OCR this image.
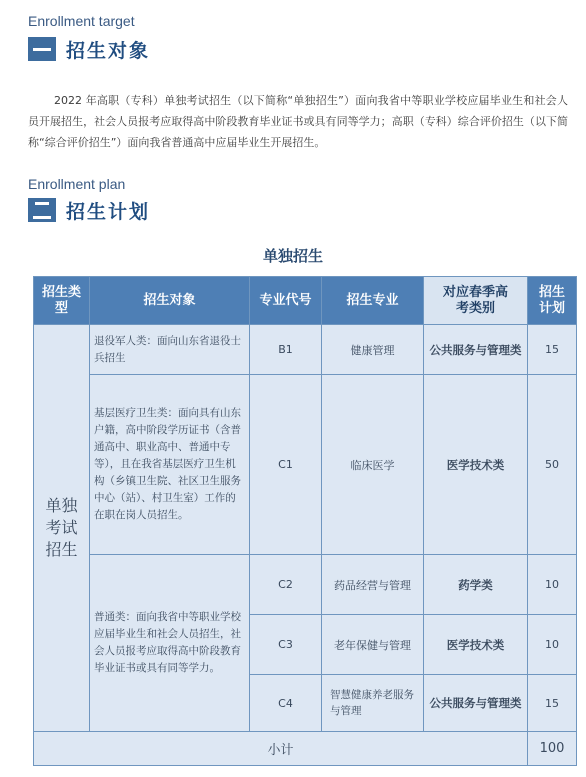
Enrollment target
招生对象
2022 年高职（专科）单独考试招生（以下简称“单独招生”）面向我省中等职业学校应届毕业生和社会人员开展招生，社会人员报考应取得高中阶段教育毕业证书或具有同等学力；高职（专科）综合评价招生（以下简称“综合评价招生”）面向我省普通高中应届毕业生开展招生。
Enrollment plan
招生计划
单独招生
招生类型	招生对象	专业代号	招生专业	对应春季高考类别	招生计划
单独考试招生	退役军人类：面向山东省退役士兵招生	B1	健康管理	公共服务与管理类	15
	基层医疗卫生类：面向具有山东户籍，高中阶段学历证书（含普通高中、职业高中、普通中专等），且在我省基层医疗卫生机构（乡镇卫生院、社区卫生服务中心（站）、村卫生室）工作的在职在岗人员招生。	C1	临床医学	医学技术类	50
	普通类：面向我省中等职业学校应届毕业生和社会人员招生，社会人员报考应取得高中阶段教育毕业证书或具有同等学力。	C2	药品经营与管理	药学类	10
		C3	老年保健与管理	医学技术类	10
		C4	智慧健康养老服务与管理	公共服务与管理类	15
小计					100
